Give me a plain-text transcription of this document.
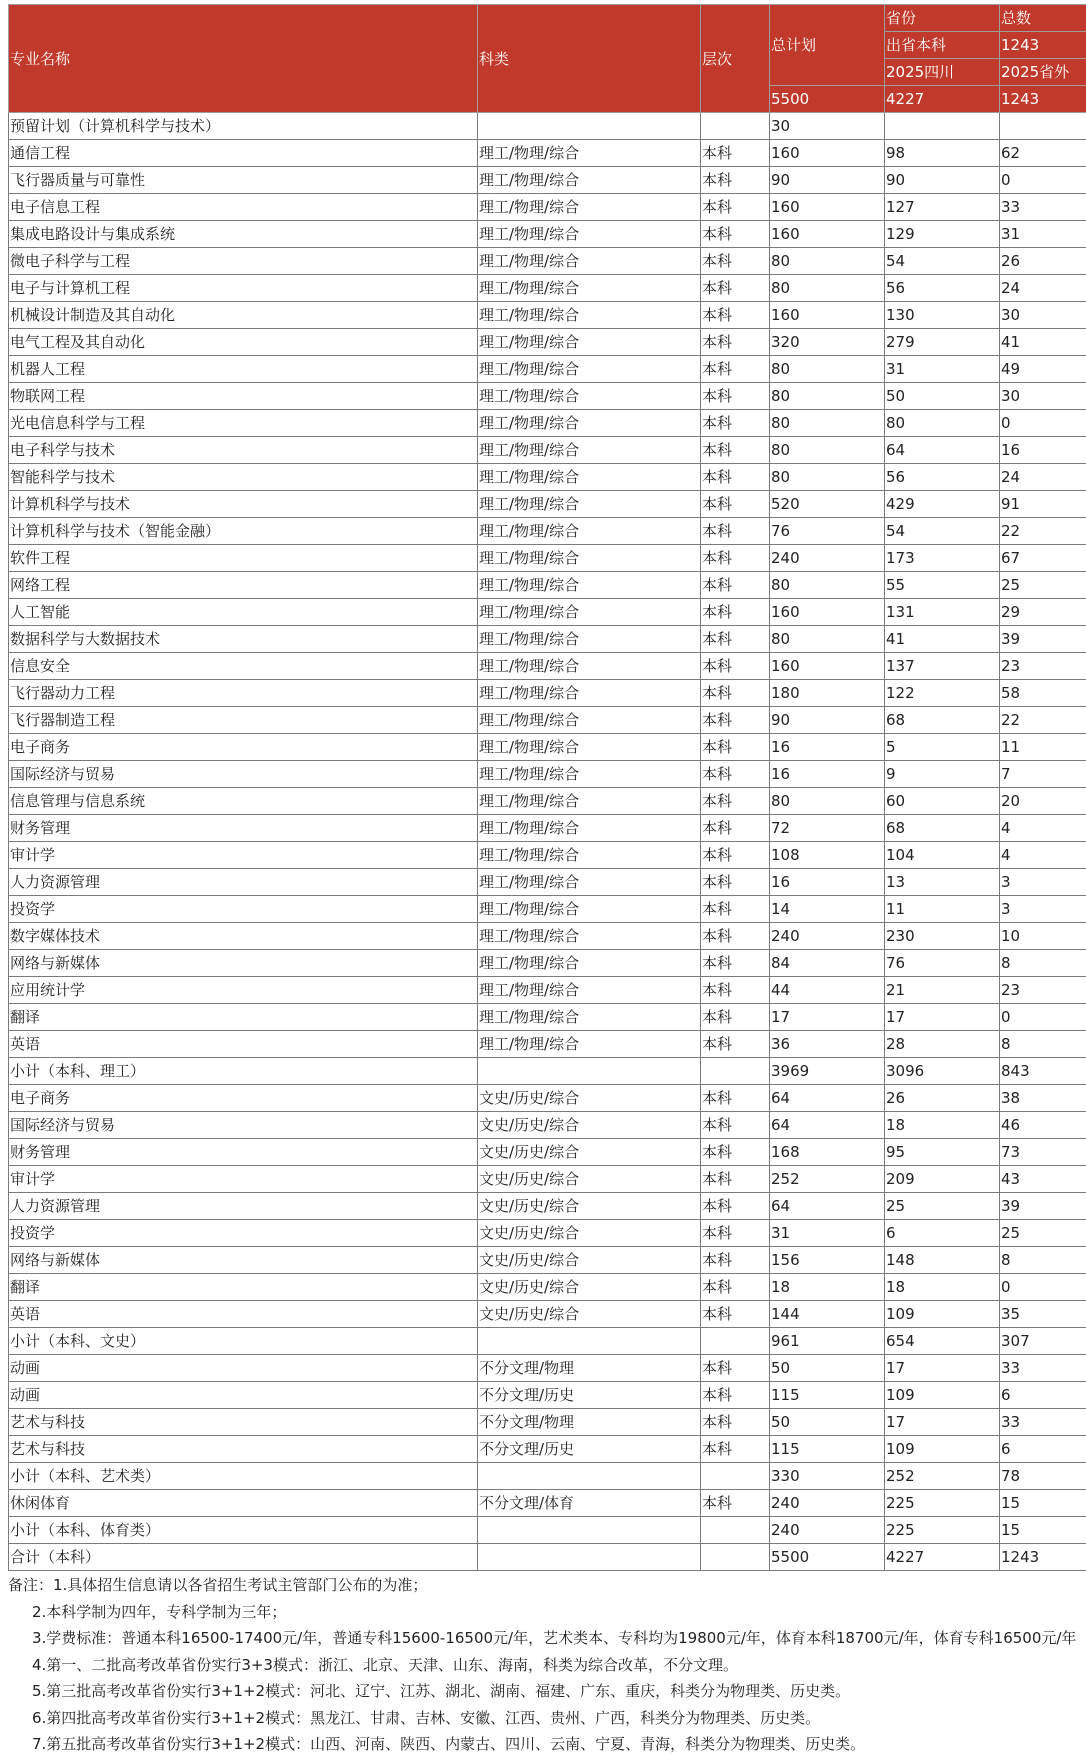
专业名称	科类	层次	总计划	省份	总数
				出省本科	1243
				2025四川	2025省外
			5500	4227	1243
预留计划（计算机科学与技术）			30		
通信工程	理工/物理/综合	本科	160	98	62
飞行器质量与可靠性	理工/物理/综合	本科	90	90	0
电子信息工程	理工/物理/综合	本科	160	127	33
集成电路设计与集成系统	理工/物理/综合	本科	160	129	31
微电子科学与工程	理工/物理/综合	本科	80	54	26
电子与计算机工程	理工/物理/综合	本科	80	56	24
机械设计制造及其自动化	理工/物理/综合	本科	160	130	30
电气工程及其自动化	理工/物理/综合	本科	320	279	41
机器人工程	理工/物理/综合	本科	80	31	49
物联网工程	理工/物理/综合	本科	80	50	30
光电信息科学与工程	理工/物理/综合	本科	80	80	0
电子科学与技术	理工/物理/综合	本科	80	64	16
智能科学与技术	理工/物理/综合	本科	80	56	24
计算机科学与技术	理工/物理/综合	本科	520	429	91
计算机科学与技术（智能金融）	理工/物理/综合	本科	76	54	22
软件工程	理工/物理/综合	本科	240	173	67
网络工程	理工/物理/综合	本科	80	55	25
人工智能	理工/物理/综合	本科	160	131	29
数据科学与大数据技术	理工/物理/综合	本科	80	41	39
信息安全	理工/物理/综合	本科	160	137	23
飞行器动力工程	理工/物理/综合	本科	180	122	58
飞行器制造工程	理工/物理/综合	本科	90	68	22
电子商务	理工/物理/综合	本科	16	5	11
国际经济与贸易	理工/物理/综合	本科	16	9	7
信息管理与信息系统	理工/物理/综合	本科	80	60	20
财务管理	理工/物理/综合	本科	72	68	4
审计学	理工/物理/综合	本科	108	104	4
人力资源管理	理工/物理/综合	本科	16	13	3
投资学	理工/物理/综合	本科	14	11	3
数字媒体技术	理工/物理/综合	本科	240	230	10
网络与新媒体	理工/物理/综合	本科	84	76	8
应用统计学	理工/物理/综合	本科	44	21	23
翻译	理工/物理/综合	本科	17	17	0
英语	理工/物理/综合	本科	36	28	8
小计（本科、理工）			3969	3096	843
电子商务	文史/历史/综合	本科	64	26	38
国际经济与贸易	文史/历史/综合	本科	64	18	46
财务管理	文史/历史/综合	本科	168	95	73
审计学	文史/历史/综合	本科	252	209	43
人力资源管理	文史/历史/综合	本科	64	25	39
投资学	文史/历史/综合	本科	31	6	25
网络与新媒体	文史/历史/综合	本科	156	148	8
翻译	文史/历史/综合	本科	18	18	0
英语	文史/历史/综合	本科	144	109	35
小计（本科、文史）			961	654	307
动画	不分文理/物理	本科	50	17	33
动画	不分文理/历史	本科	115	109	6
艺术与科技	不分文理/物理	本科	50	17	33
艺术与科技	不分文理/历史	本科	115	109	6
小计（本科、艺术类）			330	252	78
休闲体育	不分文理/体育	本科	240	225	15
小计（本科、体育类）			240	225	15
合计（本科）			5500	4227	1243
备注：1.具体招生信息请以各省招生考试主管部门公布的为准；
2.本科学制为四年，专科学制为三年；
3.学费标准：普通本科16500-17400元/年，普通专科15600-16500元/年，艺术类本、专科均为19800元/年，体育本科18700元/年，体育专科16500元/年
4.第一、二批高考改革省份实行3+3模式：浙江、北京、天津、山东、海南，科类为综合改革，不分文理。
5.第三批高考改革省份实行3+1+2模式：河北、辽宁、江苏、湖北、湖南、福建、广东、重庆，科类分为物理类、历史类。
6.第四批高考改革省份实行3+1+2模式：黑龙江、甘肃、吉林、安徽、江西、贵州、广西，科类分为物理类、历史类。
7.第五批高考改革省份实行3+1+2模式：山西、河南、陕西、内蒙古、四川、云南、宁夏、青海，科类分为物理类、历史类。
